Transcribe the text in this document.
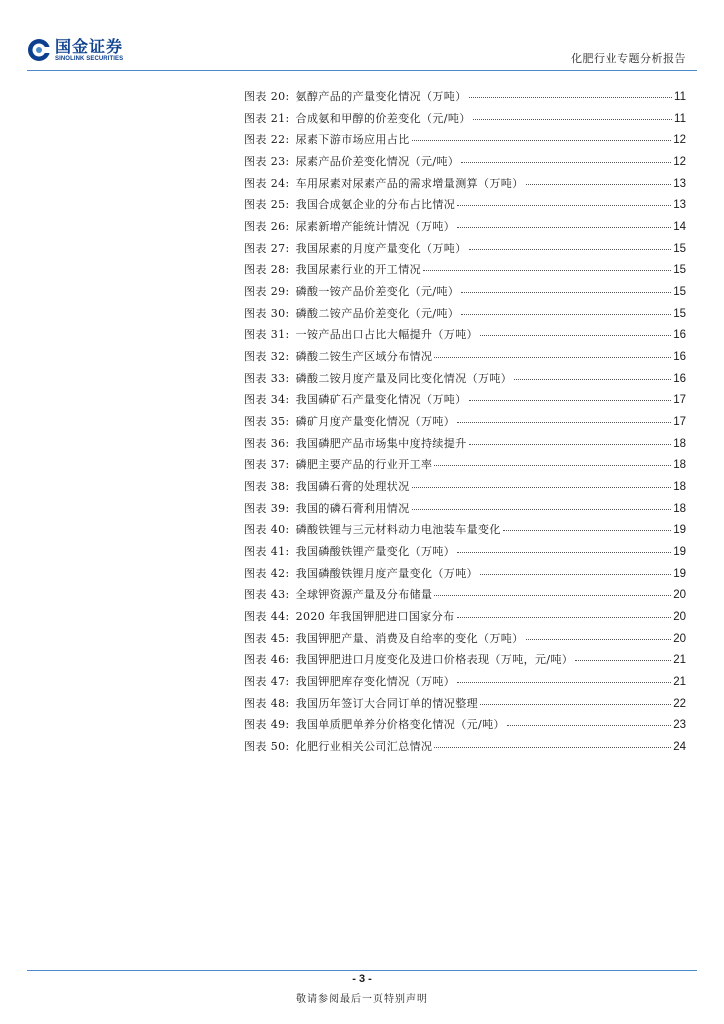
国金证券
SINOLINK SECURITIES	化肥行业专题分析报告
图表 20: 氨醇产品的产量变化情况（万吨）	11
图表 21: 合成氨和甲醇的价差变化（元/吨）	11
图表 22: 尿素下游市场应用占比	12
图表 23: 尿素产品价差变化情况（元/吨）	12
图表 24: 车用尿素对尿素产品的需求增量测算（万吨）	13
图表 25: 我国合成氨企业的分布占比情况	13
图表 26: 尿素新增产能统计情况（万吨）	14
图表 27: 我国尿素的月度产量变化（万吨）	15
图表 28: 我国尿素行业的开工情况	15
图表 29: 磷酸一铵产品价差变化（元/吨）	15
图表 30: 磷酸二铵产品价差变化（元/吨）	15
图表 31: 一铵产品出口占比大幅提升（万吨）	16
图表 32: 磷酸二铵生产区域分布情况	16
图表 33: 磷酸二铵月度产量及同比变化情况（万吨）	16
图表 34: 我国磷矿石产量变化情况（万吨）	17
图表 35: 磷矿月度产量变化情况（万吨）	17
图表 36: 我国磷肥产品市场集中度持续提升	18
图表 37: 磷肥主要产品的行业开工率	18
图表 38: 我国磷石膏的处理状况	18
图表 39: 我国的磷石膏利用情况	18
图表 40: 磷酸铁锂与三元材料动力电池装车量变化	19
图表 41: 我国磷酸铁锂产量变化（万吨）	19
图表 42: 我国磷酸铁锂月度产量变化（万吨）	19
图表 43: 全球钾资源产量及分布储量	20
图表 44: 2020 年我国钾肥进口国家分布	20
图表 45: 我国钾肥产量、消费及自给率的变化（万吨）	20
图表 46: 我国钾肥进口月度变化及进口价格表现（万吨，元/吨）	21
图表 47: 我国钾肥库存变化情况（万吨）	21
图表 48: 我国历年签订大合同订单的情况整理	22
图表 49: 我国单质肥单养分价格变化情况（元/吨）	23
图表 50: 化肥行业相关公司汇总情况	24
- 3 -
敬请参阅最后一页特别声明
